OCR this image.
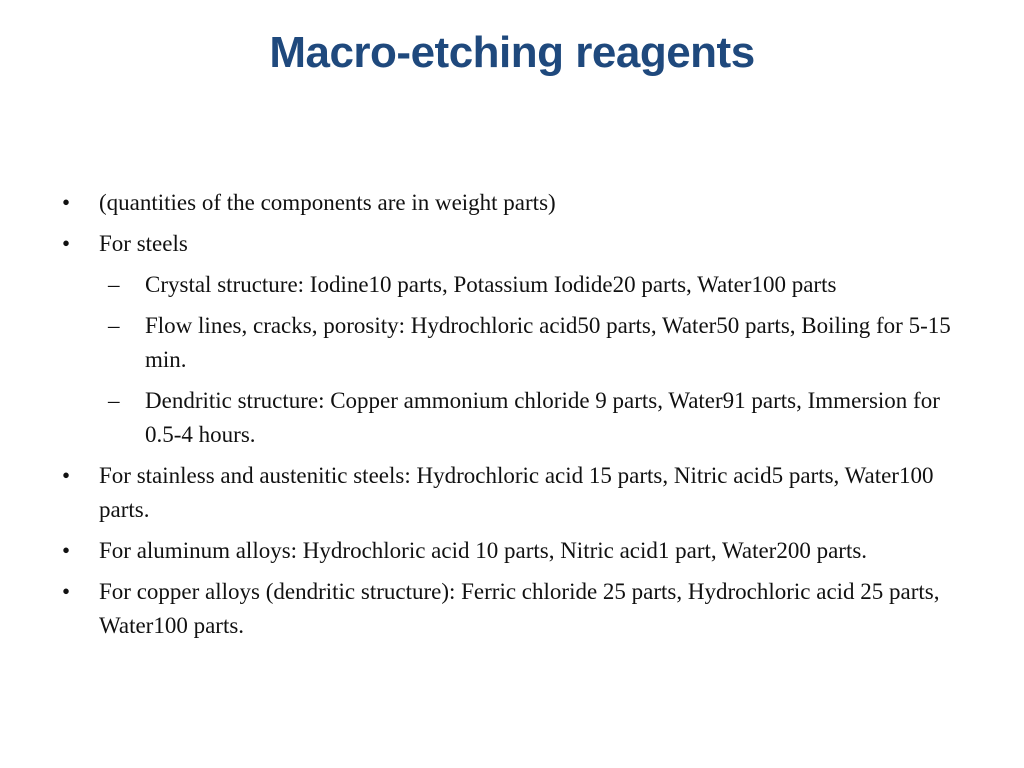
Macro-etching reagents
•	(quantities of the components are in weight parts)
•	For steels
–	Crystal structure: Iodine10 parts, Potassium Iodide20 parts, Water100 parts
–	Flow lines, cracks, porosity: Hydrochloric acid50 parts, Water50 parts, Boiling for 5-15 min.
–	Dendritic structure: Copper ammonium chloride 9 parts, Water91 parts, Immersion for 0.5-4 hours.
•	For stainless and austenitic steels: Hydrochloric acid 15 parts, Nitric acid5 parts, Water100 parts.
•	For aluminum alloys: Hydrochloric acid 10 parts, Nitric acid1 part, Water200 parts.
•	For copper alloys (dendritic structure): Ferric chloride 25 parts, Hydrochloric acid 25 parts, Water100 parts.
